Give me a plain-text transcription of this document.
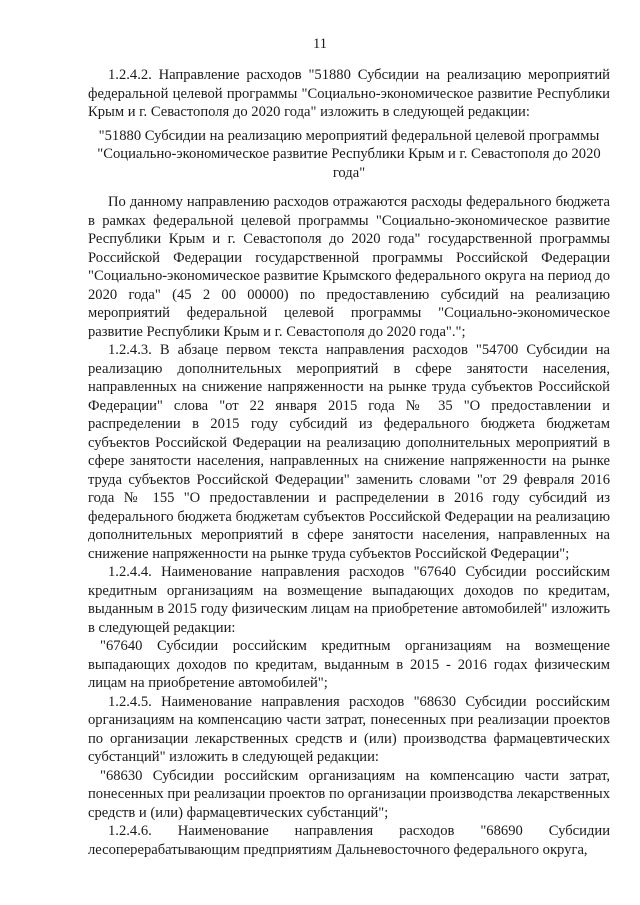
11

1.2.4.2. Направление расходов "51880 Субсидии на реализацию мероприятий федеральной целевой программы "Социально-экономическое развитие Республики Крым и г. Севастополя до 2020 года" изложить в следующей редакции:

"51880 Субсидии на реализацию мероприятий федеральной целевой программы "Социально-экономическое развитие Республики Крым и г. Севастополя до 2020 года"

По данному направлению расходов отражаются расходы федерального бюджета в рамках федеральной целевой программы "Социально-экономическое развитие Республики Крым и г. Севастополя до 2020 года" государственной программы Российской Федерации государственной программы Российской Федерации "Социально-экономическое развитие Крымского федерального округа на период до 2020 года" (45 2 00 00000) по предоставлению субсидий на реализацию мероприятий федеральной целевой программы "Социально-экономическое развитие Республики Крым и г. Севастополя до 2020 года".";

1.2.4.3. В абзаце первом текста направления расходов "54700 Субсидии на реализацию дополнительных мероприятий в сфере занятости населения, направленных на снижение напряженности на рынке труда субъектов Российской Федерации" слова "от 22 января 2015 года № 35 "О предоставлении и распределении в 2015 году субсидий из федерального бюджета бюджетам субъектов Российской Федерации на реализацию дополнительных мероприятий в сфере занятости населения, направленных на снижение напряженности на рынке труда субъектов Российской Федерации" заменить словами "от 29 февраля 2016 года № 155 "О предоставлении и распределении в 2016 году субсидий из федерального бюджета бюджетам субъектов Российской Федерации на реализацию дополнительных мероприятий в сфере занятости населения, направленных на снижение напряженности на рынке труда субъектов Российской Федерации";

1.2.4.4. Наименование направления расходов "67640 Субсидии российским кредитным организациям на возмещение выпадающих доходов по кредитам, выданным в 2015 году физическим лицам на приобретение автомобилей" изложить в следующей редакции:

"67640 Субсидии российским кредитным организациям на возмещение выпадающих доходов по кредитам, выданным в 2015 - 2016 годах физическим лицам на приобретение автомобилей";

1.2.4.5. Наименование направления расходов "68630 Субсидии российским организациям на компенсацию части затрат, понесенных при реализации проектов по организации лекарственных средств и (или) производства фармацевтических субстанций" изложить в следующей редакции:

"68630 Субсидии российским организациям на компенсацию части затрат, понесенных при реализации проектов по организации производства лекарственных средств и (или) фармацевтических субстанций";

1.2.4.6. Наименование направления расходов "68690 Субсидии лесоперерабатывающим предприятиям Дальневосточного федерального округа,
